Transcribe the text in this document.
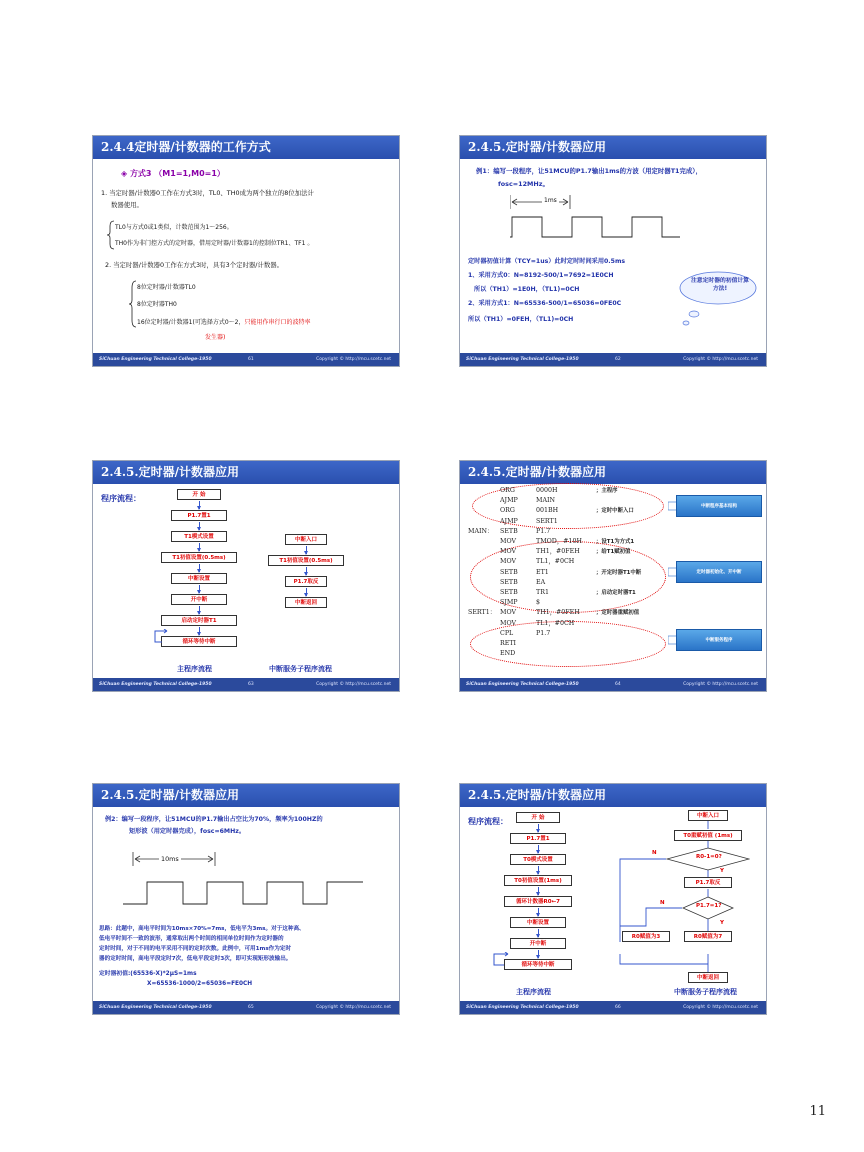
2.4.4定时器/计数器的工作方式
◈ 方式3 （M1=1,M0=1）
1. 当定时器/计数器0工作在方式3时，TL0、TH0成为两个独立的8位加法计
数器使用。
TL0与方式0或1类似，计数范围为1～256。
TH0作为非门控方式的定时器，借用定时器/计数器1的控制位TR1、TF1 。
2. 当定时器/计数器0工作在方式3时，具有3个定时器/计数器。
8位定时器/计数器TL0
8位定时器TH0
16位定时器/计数器1(可选择方式0～2，只能用作串行口的波特率
发生器)
SiChuan Engineering Technical College-1950	61	Copyright © http://mcu.scetc.net
2.4.5.定时器/计数器应用
例1：编写一段程序，让51MCU的P1.7输出1ms的方波（用定时器T1完成），
fosc=12MHz。
1ms
定时器初值计算（TCY=1us）此时定时时间采用0.5ms
1、采用方式0：N=8192-500/1=7692=1E0CH
所以（TH1）=1E0H，（TL1)=0CH
2、采用方式1：N=65536-500/1=65036=0FE0C
所以（TH1）=0FEH，（TL1)=0CH
注意定时器的初值计算方法!
SiChuan Engineering Technical College-1950	62	Copyright © http://mcu.scetc.net
2.4.5.定时器/计数器应用
程序流程：	开 始
P1.7置1
T1模式设置
T1初值设置(0.5ms)
中断设置
开中断
启动定时器T1
循环等待中断
中断入口
T1初值设置(0.5ms)
P1.7取反
中断返回
主程序流程	中断服务子程序流程
SiChuan Engineering Technical College-1950	63	Copyright © http://mcu.scetc.net
2.4.5.定时器/计数器应用
ORG	0000H	；主程序
AJMP	MAIN
ORG	001BH	；定时中断入口
AJMP	SERT1
MAIN： SETB	P1.7
MOV	TMOD，#10H	；设T1为方式1
MOV	TH1，#0FEH	；给T1赋初值
MOV	TL1，#0CH
SETB	ET1	；开定时器T1中断
SETB	EA
SETB	TR1	；启动定时器T1
SJMP	$
SERT1： MOV	TH1，#0FEH	；定时器重赋初值
MOV	TL1，#0CH
CPL	P1.7
RETI
END
中断程序基本结构
定时器初始化、开中断
中断服务程序
SiChuan Engineering Technical College-1950	64	Copyright © http://mcu.scetc.net
2.4.5.定时器/计数器应用
例2：编写一段程序，让51MCU的P1.7输出占空比为70%，频率为100HZ的
矩形波（用定时器完成），fosc=6MHz。
10ms
思路：此题中，高电平时间为10ms×70%=7ms，低电平为3ms。对于这种高、
低电平时间不一致的波形，通常取出两个时间的相同单位时间作为定时器的
定时时间，对于不同的电平采用不同的定时次数。此例中，可用1ms作为定时
器的定时时间，高电平段定时7次，低电平段定时3次，即可实现矩形波输出。
定时器初值:(65536-X)*2μS=1ms
X=65536-1000/2=65036=FE0CH
SiChuan Engineering Technical College-1950	65	Copyright © http://mcu.scetc.net
2.4.5.定时器/计数器应用
程序流程：	开 始
P1.7置1
T0模式设置
T0初值设置(1ms)
循环计数器R0←7
中断设置
开中断
循环等待中断
主程序流程
中断入口
T0重赋初值 (1ms)
R0-1=0?
P1.7取反
P1.7=1?
R0赋值为3	R0赋值为7
中断返回
N
Y
N
Y
中断服务子程序流程
SiChuan Engineering Technical College-1950	66	Copyright © http://mcu.scetc.net
11
